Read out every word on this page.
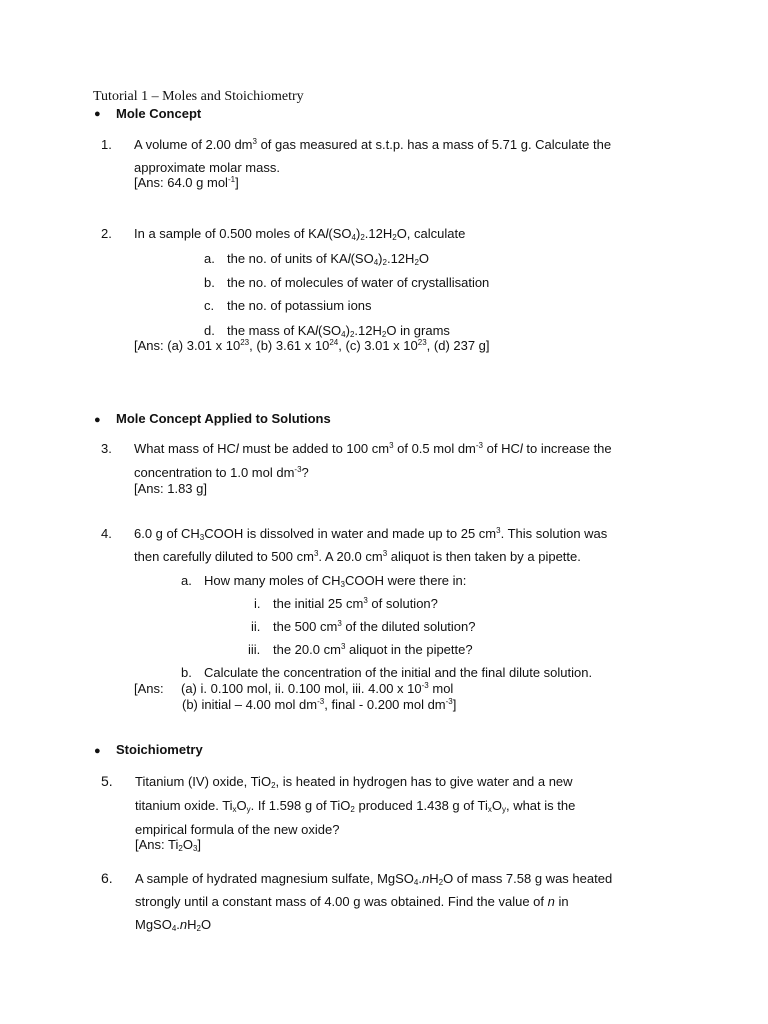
Tutorial 1 – Moles and Stoichiometry
● Mole Concept
1. A volume of 2.00 $dm^3$ of gas measured at s.t.p. has a mass of 5.71 g. Calculate the
approximate molar mass.
[Ans: 64.0 g mol$^{-1}$]
2. In a sample of 0.500 moles of $KAl(SO_4)_2.12H_2O$, calculate
a. the no. of units of $KAl(SO_4)_2.12H_2O$
b. the no. of molecules of water of crystallisation
c. the no. of potassium ions
d. the mass of $KAl(SO_4)_2.12H_2O$ in grams
[Ans: (a) 3.01 x $10^{23}$, (b) 3.61 x $10^{24}$, (c) 3.01 x $10^{23}$, (d) 237 g]
● Mole Concept Applied to Solutions
3. What mass of HCl must be added to 100 $cm^3$ of 0.5 mol $dm^{-3}$ of HCl to increase the
concentration to 1.0 mol $dm^{-3}$?
[Ans: 1.83 g]
4. 6.0 g of $CH_3COOH$ is dissolved in water and made up to 25 $cm^3$. This solution was
then carefully diluted to 500 $cm^3$. A 20.0 $cm^3$ aliquot is then taken by a pipette.
a. How many moles of $CH_3COOH$ were there in:
i. the initial 25 $cm^3$ of solution?
ii. the 500 $cm^3$ of the diluted solution?
iii. the 20.0 $cm^3$ aliquot in the pipette?
b. Calculate the concentration of the initial and the final dilute solution.
[Ans: (a) i. 0.100 mol, ii. 0.100 mol, iii. 4.00 x $10^{-3}$ mol
(b) initial – 4.00 mol $dm^{-3}$, final - 0.200 mol $dm^{-3}$]
● Stoichiometry
5. Titanium (IV) oxide, TiO$_2$, is heated in hydrogen has to give water and a new
titanium oxide. $Ti_xO_y$. If 1.598 g of TiO$_2$ produced 1.438 g of $Ti_xO_y$, what is the
empirical formula of the new oxide?
[Ans: $Ti_2O_3$]
6. A sample of hydrated magnesium sulfate, $MgSO_4.nH_2O$ of mass 7.58 g was heated
strongly until a constant mass of 4.00 g was obtained. Find the value of n in
$MgSO_4.nH_2O$
